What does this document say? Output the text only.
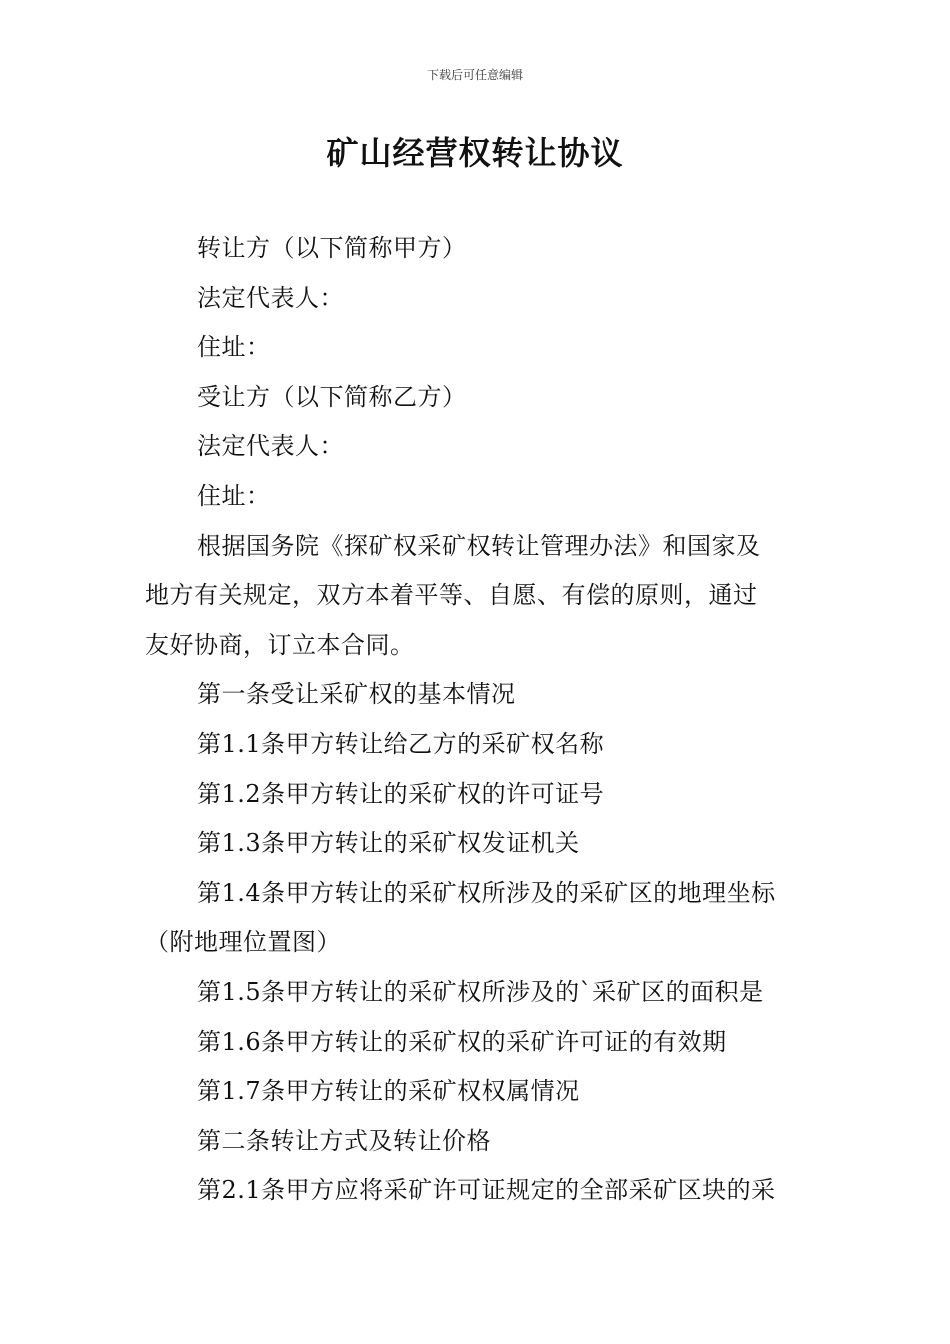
下载后可任意编辑
矿山经营权转让协议

转让方（以下简称甲方）

法定代表人：

住址：

受让方（以下简称乙方）

法定代表人：

住址：

根据国务院《探矿权采矿权转让管理办法》和国家及

地方有关规定，双方本着平等、自愿、有偿的原则，通过

友好协商，订立本合同。

第一条受让采矿权的基本情况

第1.1条甲方转让给乙方的采矿权名称

第1.2条甲方转让的采矿权的许可证号

第1.3条甲方转让的采矿权发证机关

第1.4条甲方转让的采矿权所涉及的采矿区的地理坐标

（附地理位置图）

第1.5条甲方转让的采矿权所涉及的`采矿区的面积是

第1.6条甲方转让的采矿权的采矿许可证的有效期

第1.7条甲方转让的采矿权权属情况

第二条转让方式及转让价格

第2.1条甲方应将采矿许可证规定的全部采矿区块的采
